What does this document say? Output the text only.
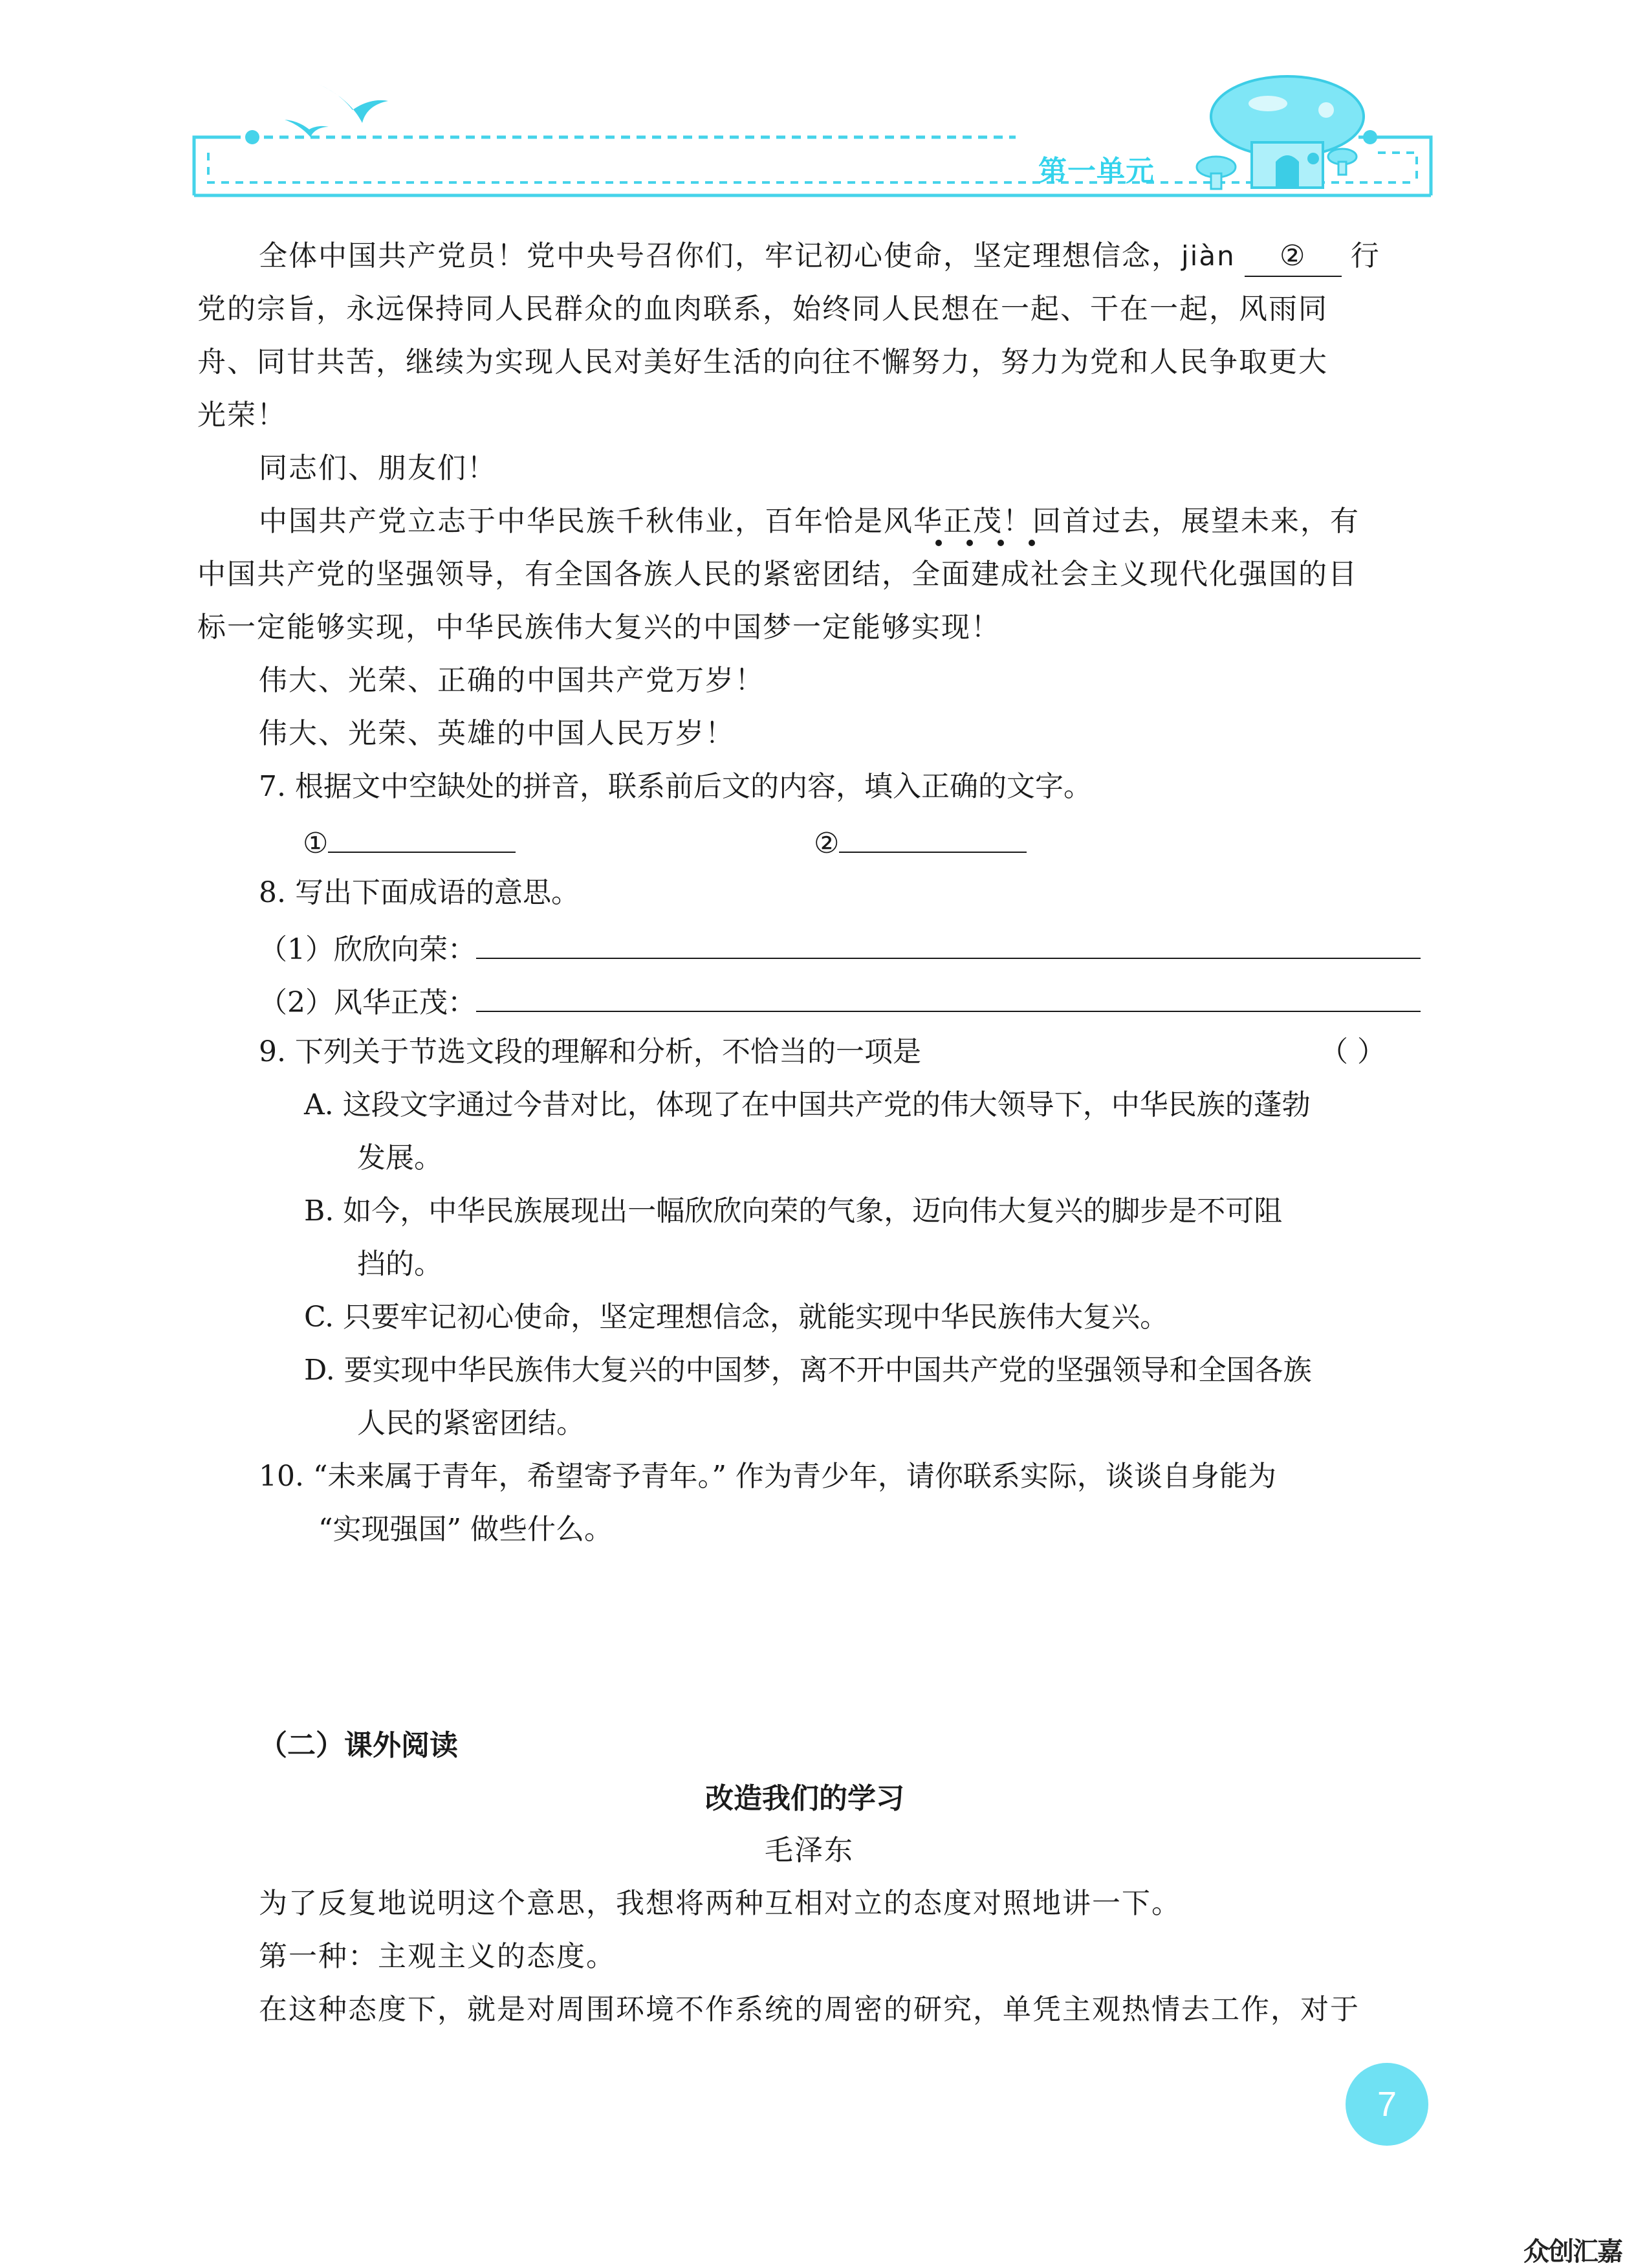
第一单元
全体中国共产党员！党中央号召你们，牢记初心使命，坚定理想信念，jiàn ② 行
党的宗旨，永远保持同人民群众的血肉联系，始终同人民想在一起、干在一起，风雨同
舟、同甘共苦，继续为实现人民对美好生活的向往不懈努力，努力为党和人民争取更大
光荣！
同志们、朋友们！
中国共产党立志于中华民族千秋伟业，百年恰是风华正茂！回首过去，展望未来，有
中国共产党的坚强领导，有全国各族人民的紧密团结，全面建成社会主义现代化强国的目
标一定能够实现，中华民族伟大复兴的中国梦一定能够实现！
伟大、光荣、正确的中国共产党万岁！
伟大、光荣、英雄的中国人民万岁！
7. 根据文中空缺处的拼音，联系前后文的内容，填入正确的文字。
①	②
8. 写出下面成语的意思。
（1）欣欣向荣：
（2）风华正茂：
9. 下列关于节选文段的理解和分析，不恰当的一项是	（ ）
A. 这段文字通过今昔对比，体现了在中国共产党的伟大领导下，中华民族的蓬勃
发展。
B. 如今，中华民族展现出一幅欣欣向荣的气象，迈向伟大复兴的脚步是不可阻
挡的。
C. 只要牢记初心使命，坚定理想信念，就能实现中华民族伟大复兴。
D. 要实现中华民族伟大复兴的中国梦，离不开中国共产党的坚强领导和全国各族
人民的紧密团结。
10. “未来属于青年，希望寄予青年。” 作为青少年，请你联系实际，谈谈自身能为
“实现强国” 做些什么。
（二）课外阅读
改造我们的学习
毛泽东
为了反复地说明这个意思，我想将两种互相对立的态度对照地讲一下。
第一种：主观主义的态度。
在这种态度下，就是对周围环境不作系统的周密的研究，单凭主观热情去工作，对于
7
众创汇嘉
